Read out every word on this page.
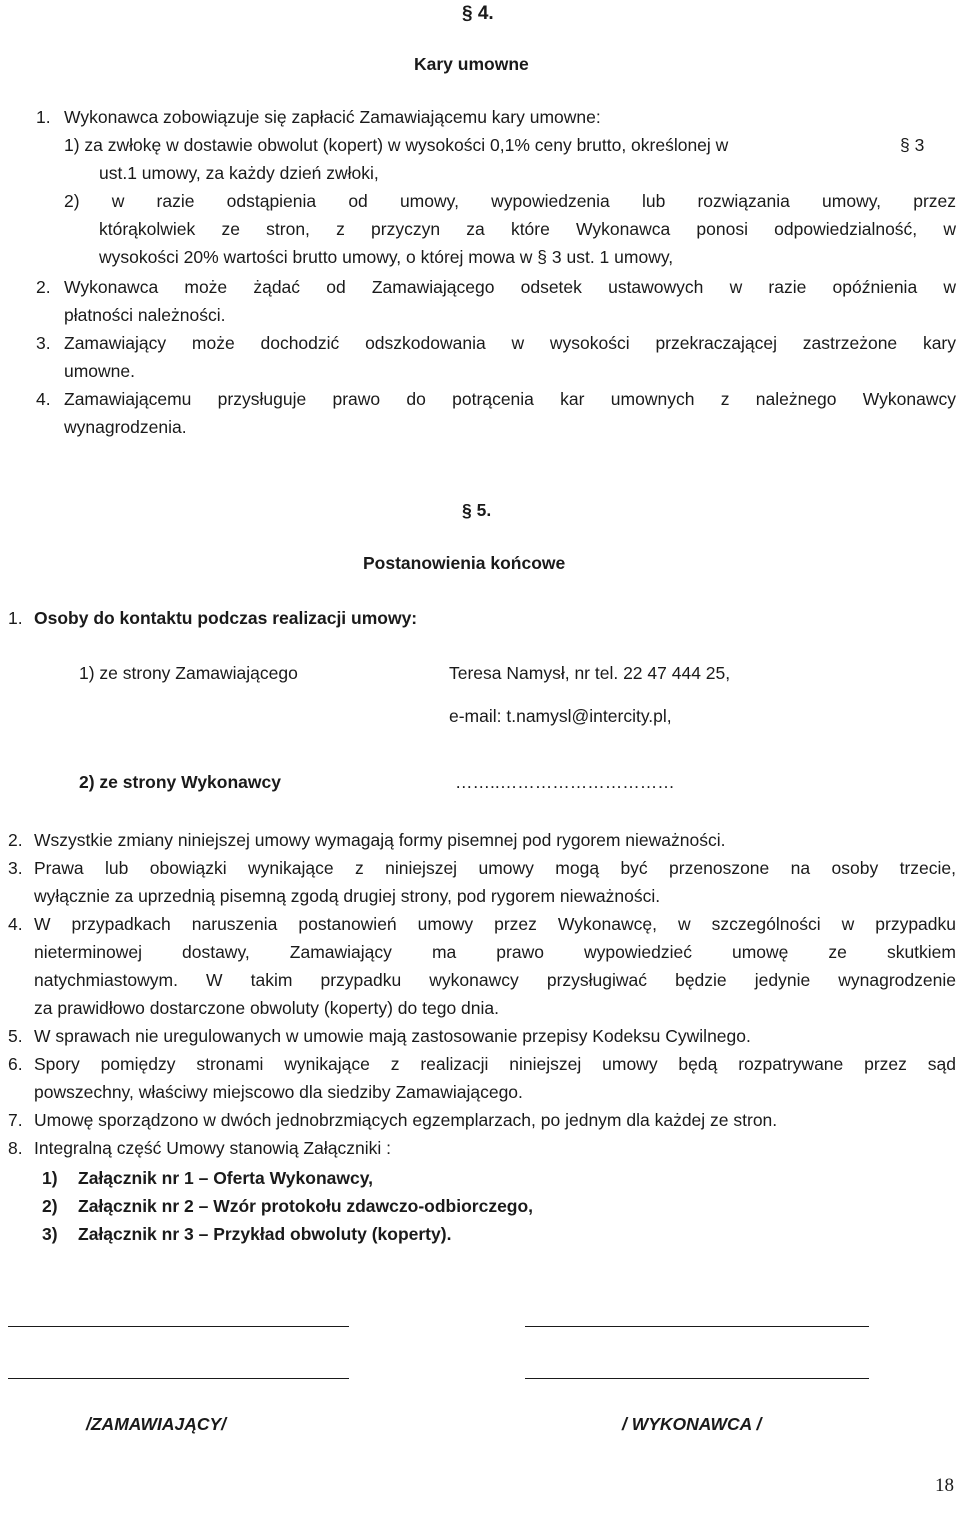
§ 4.
Kary umowne
1. Wykonawca zobowiązuje się zapłacić Zamawiającemu kary umowne:
1) za zwłokę w dostawie obwolut (kopert) w wysokości 0,1% ceny brutto, określonej w	§ 3
ust.1 umowy, za każdy dzień zwłoki,
2) w razie odstąpienia od umowy, wypowiedzenia lub rozwiązania umowy, przez
którąkolwiek ze stron, z przyczyn za które Wykonawca ponosi odpowiedzialność, w
wysokości 20% wartości brutto umowy, o której mowa w § 3 ust. 1 umowy,
2. Wykonawca może żądać od Zamawiającego odsetek ustawowych w razie opóźnienia w
płatności należności.
3. Zamawiający może dochodzić odszkodowania w wysokości przekraczającej zastrzeżone kary
umowne.
4. Zamawiającemu przysługuje prawo do potrącenia kar umownych z należnego Wykonawcy
wynagrodzenia.
§ 5.
Postanowienia końcowe
1. Osoby do kontaktu podczas realizacji umowy:
1) ze strony Zamawiającego	Teresa Namysł, nr tel. 22 47 444 25,
e-mail: t.namysl@intercity.pl,
2) ze strony Wykonawcy	……..…………………………
2. Wszystkie zmiany niniejszej umowy wymagają formy pisemnej pod rygorem nieważności.
3. Prawa lub obowiązki wynikające z niniejszej umowy mogą być przenoszone na osoby trzecie,
wyłącznie za uprzednią pisemną zgodą drugiej strony, pod rygorem nieważności.
4. W przypadkach naruszenia postanowień umowy przez Wykonawcę, w szczególności w przypadku
nieterminowej dostawy, Zamawiający ma prawo wypowiedzieć umowę ze skutkiem
natychmiastowym. W takim przypadku wykonawcy przysługiwać będzie jedynie wynagrodzenie
za prawidłowo dostarczone obwoluty (koperty) do tego dnia.
5. W sprawach nie uregulowanych w umowie mają zastosowanie przepisy Kodeksu Cywilnego.
6. Spory pomiędzy stronami wynikające z realizacji niniejszej umowy będą rozpatrywane przez sąd
powszechny, właściwy miejscowo dla siedziby Zamawiającego.
7. Umowę sporządzono w dwóch jednobrzmiących egzemplarzach, po jednym dla każdej ze stron.
8. Integralną część Umowy stanowią Załączniki :
1) Załącznik nr 1 – Oferta Wykonawcy,
2) Załącznik nr 2 – Wzór protokołu zdawczo-odbiorczego,
3) Załącznik nr 3 – Przykład obwoluty (koperty).
/ZAMAWIAJĄCY/	/ WYKONAWCA /
18
